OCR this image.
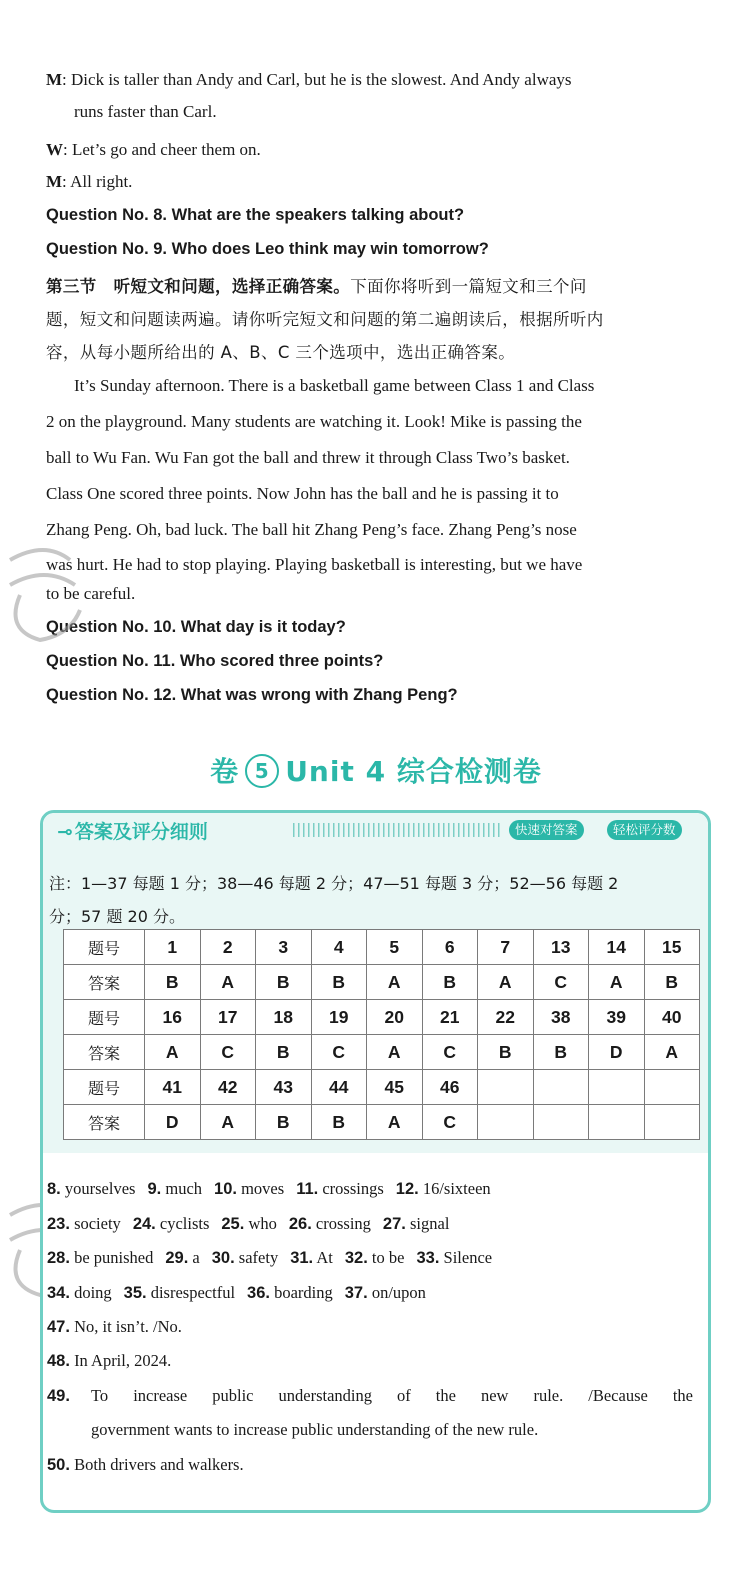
M: Dick is taller than Andy and Carl, but he is the slowest. And Andy always
runs faster than Carl.
W: Let’s go and cheer them on.
M: All right.
Question No. 8. What are the speakers talking about?
Question No. 9. Who does Leo think may win tomorrow?
第三节　听短文和问题，选择正确答案。下面你将听到一篇短文和三个问
题，短文和问题读两遍。请你听完短文和问题的第二遍朗读后，根据所听内
容，从每小题所给出的 A、B、C 三个选项中，选出正确答案。
It’s Sunday afternoon. There is a basketball game between Class 1 and Class
2 on the playground. Many students are watching it. Look! Mike is passing the
ball to Wu Fan. Wu Fan got the ball and threw it through Class Two’s basket.
Class One scored three points. Now John has the ball and he is passing it to
Zhang Peng. Oh, bad luck. The ball hit Zhang Peng’s face. Zhang Peng’s nose
was hurt. He had to stop playing. Playing basketball is interesting, but we have
to be careful.
Question No. 10. What day is it today?
Question No. 11. Who scored three points?
Question No. 12. What was wrong with Zhang Peng?
卷 5 Unit 4 综合检测卷
⊸ 答案及评分细则	快速对答案	轻松评分数
注：1—37 每题 1 分；38—46 每题 2 分；47—51 每题 3 分；52—56 每题 2
分；57 题 20 分。
题号	1	2	3	4	5	6	7	13	14	15
答案	B	A	B	B	A	B	A	C	A	B
题号	16	17	18	19	20	21	22	38	39	40
答案	A	C	B	C	A	C	B	B	D	A
题号	41	42	43	44	45	46				
答案	D	A	B	B	A	C				
8. yourselves 9. much 10. moves 11. crossings 12. 16/sixteen
23. society 24. cyclists 25. who 26. crossing 27. signal
28. be punished 29. a 30. safety 31. At 32. to be 33. Silence
34. doing 35. disrespectful 36. boarding 37. on/upon
47. No, it isn’t. /No.
48. In April, 2024.
49. To increase public understanding of the new rule. /Because the
government wants to increase public understanding of the new rule.
50. Both drivers and walkers.
